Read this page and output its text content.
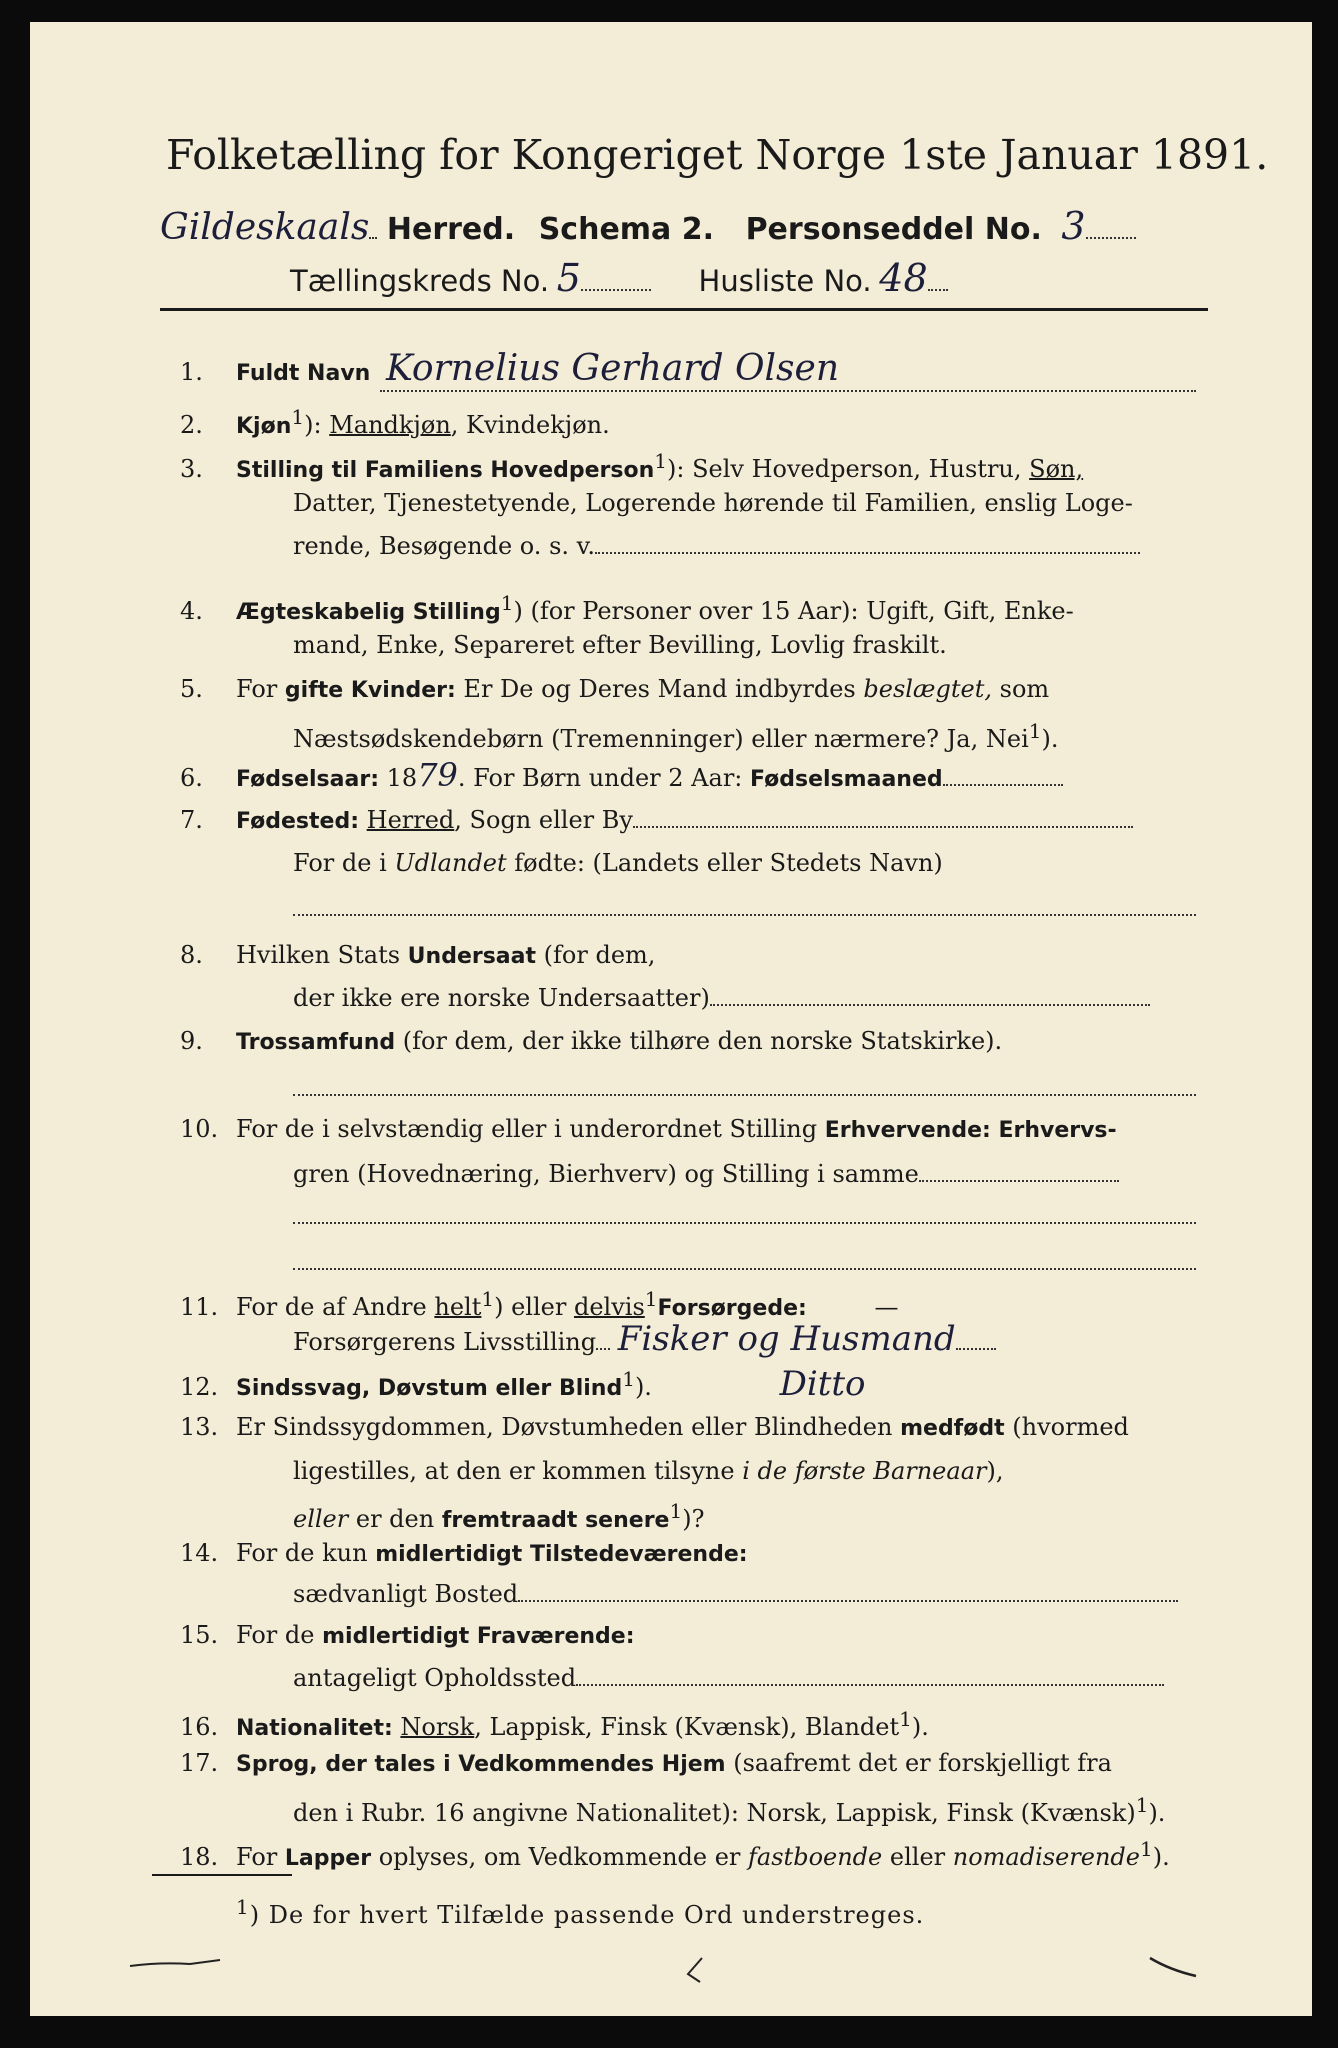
Folketælling for Kongeriget Norge 1ste Januar 1891.
Gildeskaals Herred. Schema 2. Personseddel No. 3
Tællingskreds No. 5	Husliste No. 48
1. Fuldt Navn Kornelius Gerhard Olsen
2. Kjøn$^1$): Mandkjøn, Kvindekjøn.
3. Stilling til Familiens Hovedperson$^1$): Selv Hovedperson, Hustru, Søn,
Datter, Tjenestetyende, Logerende hørende til Familien, enslig Loge-
rende, Besøgende o. s. v.
4. Ægteskabelig Stilling$^1$) (for Personer over 15 Aar): Ugift, Gift, Enke-
mand, Enke, Separeret efter Bevilling, Lovlig fraskilt.
5. For gifte Kvinder: Er De og Deres Mand indbyrdes beslægtet, som
Næstsødskendebørn (Tremenninger) eller nærmere? Ja, Nei$^1$).
6. Fødselsaar: 1879. For Børn under 2 Aar: Fødselsmaaned
7. Fødested: Herred, Sogn eller By
For de i Udlandet fødte: (Landets eller Stedets Navn)
8. Hvilken Stats Undersaat (for dem,
der ikke ere norske Undersaatter)
9. Trossamfund (for dem, der ikke tilhøre den norske Statskirke).
10. For de i selvstændig eller i underordnet Stilling Erhvervende: Erhvervs-
gren (Hovednæring, Bierhverv) og Stilling i samme
11. For de af Andre helt$^1$) eller delvis$^1$Forsørgede:	—
Forsørgerens Livsstilling Fisker og Husmand
12. Sindssvag, Døvstum eller Blind$^1$).	Ditto
13. Er Sindssygdommen, Døvstumheden eller Blindheden medfødt (hvormed
ligestilles, at den er kommen tilsyne i de første Barneaar),
eller er den fremtraadt senere$^1$)?
14. For de kun midlertidigt Tilstedeværende:
sædvanligt Bosted
15. For de midlertidigt Fraværende:
antageligt Opholdssted
16. Nationalitet: Norsk, Lappisk, Finsk (Kvænsk), Blandet$^1$).
17. Sprog, der tales i Vedkommendes Hjem (saafremt det er forskjelligt fra
den i Rubr. 16 angivne Nationalitet): Norsk, Lappisk, Finsk (Kvænsk)$^1$).
18. For Lapper oplyses, om Vedkommende er fastboende eller nomadiserende$^1$).
$^1$) De for hvert Tilfælde passende Ord understreges.
